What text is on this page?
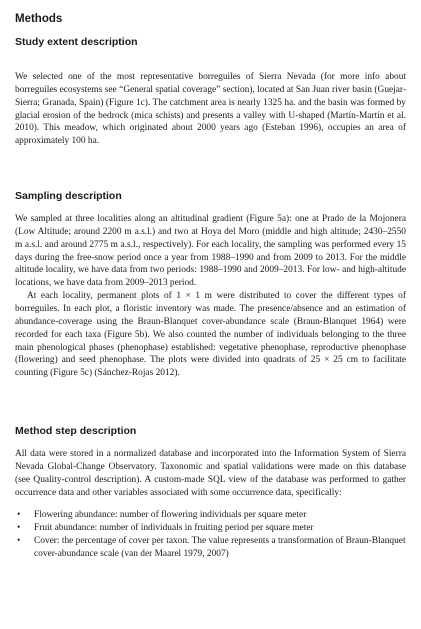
Methods
Study extent description

We selected one of the most representative borreguiles of Sierra Nevada (for more info about borreguiles ecosystems see “General spatial coverage” section), located at San Juan river basin (Guejar-Sierra; Granada, Spain) (Figure 1c). The catchment area is nearly 1325 ha. and the basin was formed by glacial erosion of the bedrock (mica schists) and presents a valley with U-shaped (Martín-Martín et al. 2010). This meadow, which originated about 2000 years ago (Esteban 1996), occupies an area of approximately 100 ha.

Sampling description

We sampled at three localities along an altitudinal gradient (Figure 5a): one at Prado de la Mojonera (Low Altitude; around 2200 m a.s.l.) and two at Hoya del Moro (middle and high altitude; 2430–2550 m a.s.l. and around 2775 m a.s.l., respectively). For each locality, the sampling was performed every 15 days during the free-snow period once a year from 1988–1990 and from 2009 to 2013. For the middle altitude locality, we have data from two periods: 1988–1990 and 2009–2013. For low- and high-altitude locations, we have data from 2009–2013 period.

At each locality, permanent plots of 1 × 1 m were distributed to cover the different types of borreguiles. In each plot, a floristic inventory was made. The presence/absence and an estimation of abundance-coverage using the Braun-Blanquet cover-abundance scale (Braun-Blanquet 1964) were recorded for each taxa (Figure 5b). We also counted the number of individuals belonging to the three main phenological phases (phenophase) established: vegetative phenophase, reproductive phenophase (flowering) and seed phenophase. The plots were divided into quadrats of 25 × 25 cm to facilitate counting (Figure 5c) (Sánchez-Rojas 2012).

Method step description

All data were stored in a normalized database and incorporated into the Information System of Sierra Nevada Global-Change Observatory. Taxonomic and spatial validations were made on this database (see Quality-control description). A custom-made SQL view of the database was performed to gather occurrence data and other variables associated with some occurrence data, specifically:

• Flowering abundance: number of flowering individuals per square meter
• Fruit abundance: number of individuals in fruiting period per square meter
• Cover: the percentage of cover per taxon. The value represents a transformation of Braun-Blanquet cover-abundance scale (van der Maarel 1979, 2007)
